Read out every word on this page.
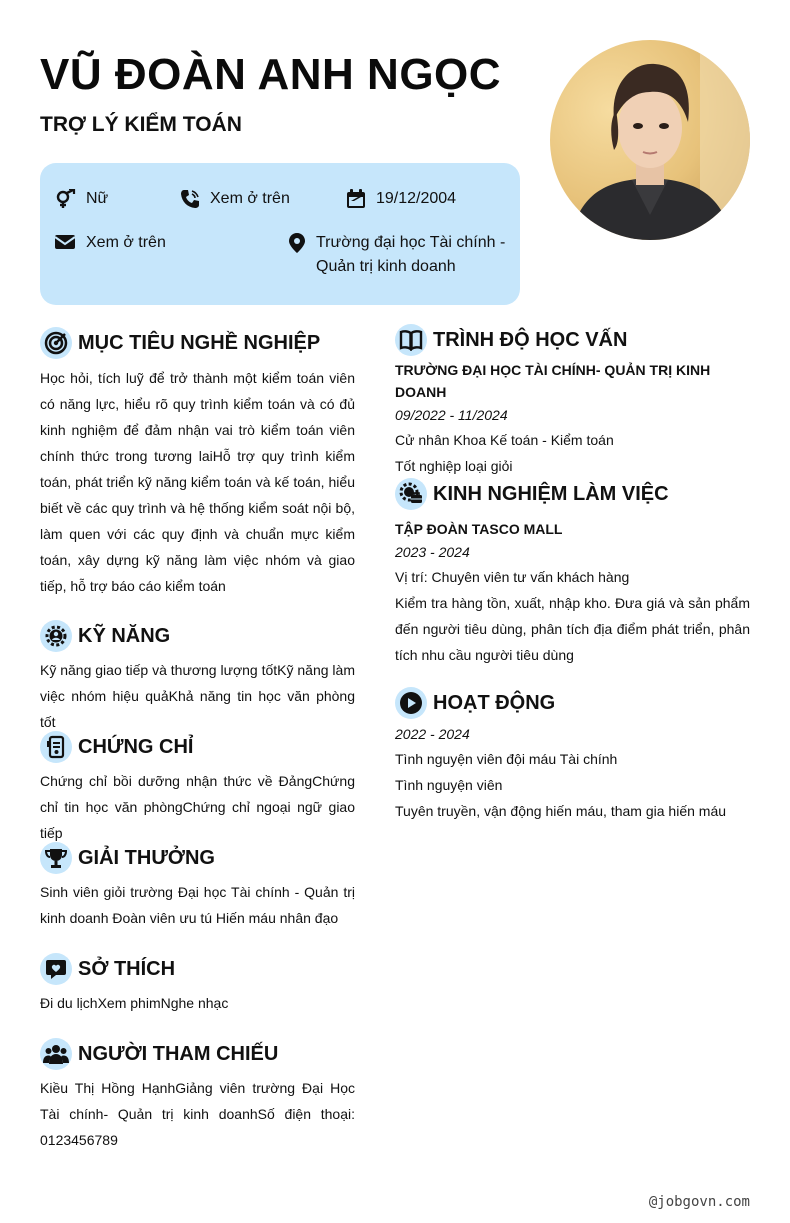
VŨ ĐOÀN ANH NGỌC
TRỢ LÝ KIỂM TOÁN
Nữ	Xem ở trên	19/12/2004
Xem ở trên	Trường đại học Tài chính - Quản trị kinh doanh
MỤC TIÊU NGHỀ NGHIỆP
Học hỏi, tích luỹ để trở thành một kiểm toán viên có năng lực, hiểu rõ quy trình kiểm toán và có đủ kinh nghiệm để đảm nhận vai trò kiểm toán viên chính thức trong tương laiHỗ trợ quy trình kiểm toán, phát triển kỹ năng kiểm toán và kế toán, hiểu biết về các quy trình và hệ thống kiểm soát nội bộ, làm quen với các quy định và chuẩn mực kiểm toán, xây dựng kỹ năng làm việc nhóm và giao tiếp, hỗ trợ báo cáo kiểm toán
KỸ NĂNG
Kỹ năng giao tiếp và thương lượng tốtKỹ năng làm việc nhóm hiệu quảKhả năng tin học văn phòng tốt
CHỨNG CHỈ
Chứng chỉ bồi dưỡng nhận thức về ĐảngChứng chỉ tin học văn phòngChứng chỉ ngoại ngữ giao tiếp
GIẢI THƯỞNG
Sinh viên giỏi trường Đại học Tài chính - Quản trị kinh doanh Đoàn viên ưu tú Hiến máu nhân đạo
SỞ THÍCH
Đi du lịchXem phimNghe nhạc
NGƯỜI THAM CHIẾU
Kiều Thị Hồng HạnhGiảng viên trường Đại Học Tài chính- Quản trị kinh doanhSố điện thoại: 0123456789
TRÌNH ĐỘ HỌC VẤN
TRƯỜNG ĐẠI HỌC TÀI CHÍNH- QUẢN TRỊ KINH DOANH
09/2022 - 11/2024
Cử nhân Khoa Kế toán - Kiểm toán
Tốt nghiệp loại giỏi
KINH NGHIỆM LÀM VIỆC
TẬP ĐOÀN TASCO MALL
2023 - 2024
Vị trí: Chuyên viên tư vấn khách hàng
Kiểm tra hàng tồn, xuất, nhập kho. Đưa giá và sản phẩm đến người tiêu dùng, phân tích địa điểm phát triển, phân tích nhu cầu người tiêu dùng
HOẠT ĐỘNG
2022 - 2024
Tình nguyện viên đội máu Tài chính
Tình nguyện viên
Tuyên truyền, vận động hiến máu, tham gia hiến máu
@jobgovn.com
